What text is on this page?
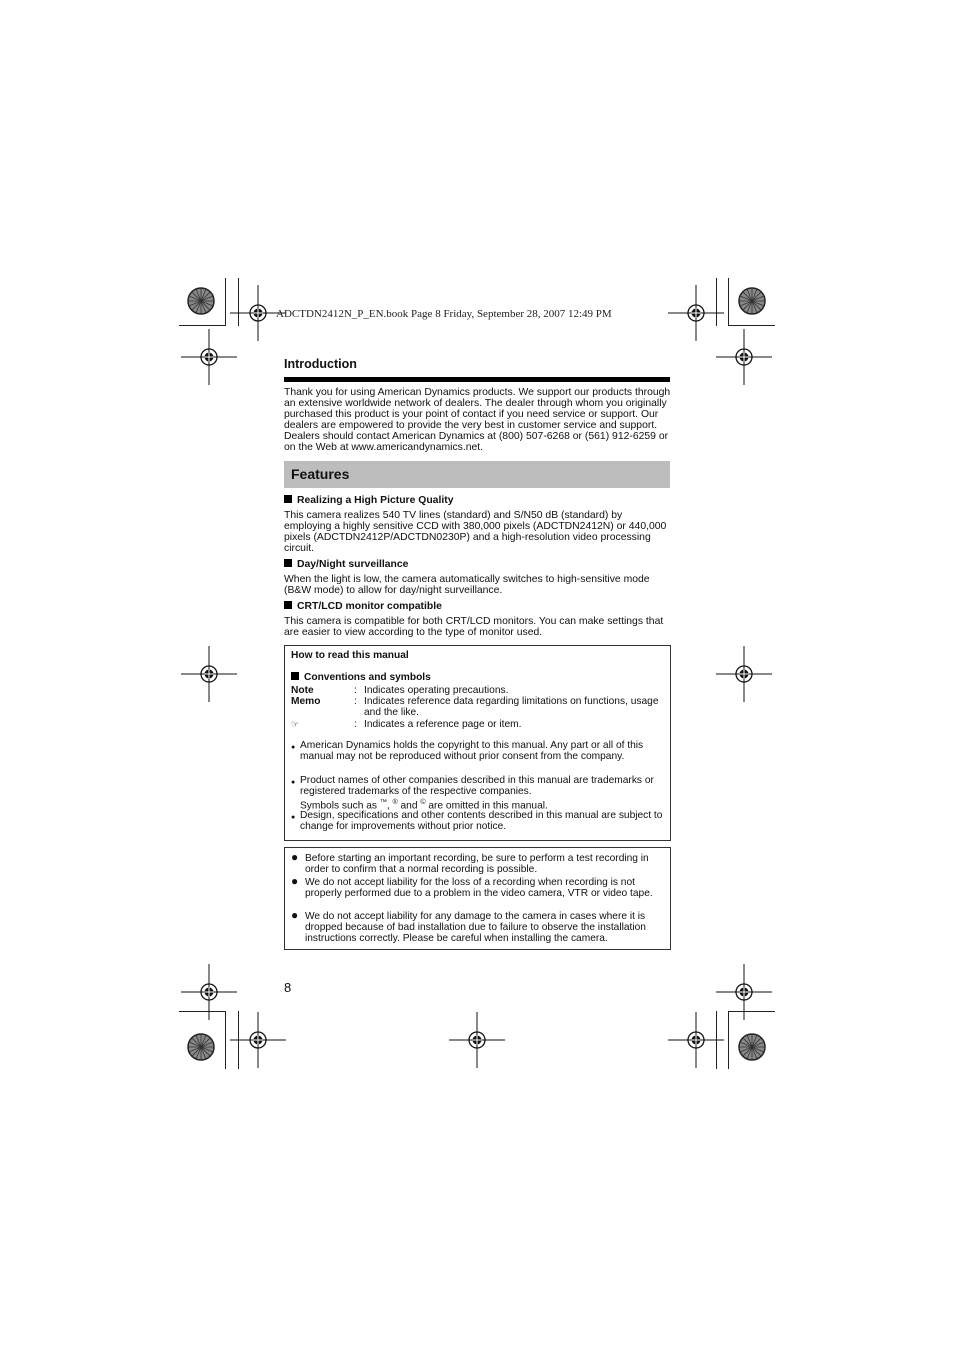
ADCTDN2412N_P_EN.book Page 8 Friday, September 28, 2007 12:49 PM
Introduction
Thank you for using American Dynamics products. We support our products through an extensive worldwide network of dealers. The dealer through whom you originally purchased this product is your point of contact if you need service or support. Our dealers are empowered to provide the very best in customer service and support. Dealers should contact American Dynamics at (800) 507-6268 or (561) 912-6259 or on the Web at www.americandynamics.net.
Features
Realizing a High Picture Quality
This camera realizes 540 TV lines (standard) and S/N50 dB (standard) by employing a highly sensitive CCD with 380,000 pixels (ADCTDN2412N) or 440,000 pixels (ADCTDN2412P/ADCTDN0230P) and a high-resolution video processing circuit.
Day/Night surveillance
When the light is low, the camera automatically switches to high-sensitive mode (B&W mode) to allow for day/night surveillance.
CRT/LCD monitor compatible
This camera is compatible for both CRT/LCD monitors. You can make settings that are easier to view according to the type of monitor used.
How to read this manual
Conventions and symbols
Note	: Indicates operating precautions.
Memo	: Indicates reference data regarding limitations on functions, usage and the like.
☞	: Indicates a reference page or item.
● American Dynamics holds the copyright to this manual. Any part or all of this manual may not be reproduced without prior consent from the company.
● Product names of other companies described in this manual are trademarks or registered trademarks of the respective companies.
Symbols such as ™, ® and © are omitted in this manual.
● Design, specifications and other contents described in this manual are subject to change for improvements without prior notice.
● Before starting an important recording, be sure to perform a test recording in order to confirm that a normal recording is possible.
● We do not accept liability for the loss of a recording when recording is not properly performed due to a problem in the video camera, VTR or video tape.
● We do not accept liability for any damage to the camera in cases where it is dropped because of bad installation due to failure to observe the installation instructions correctly. Please be careful when installing the camera.
8
